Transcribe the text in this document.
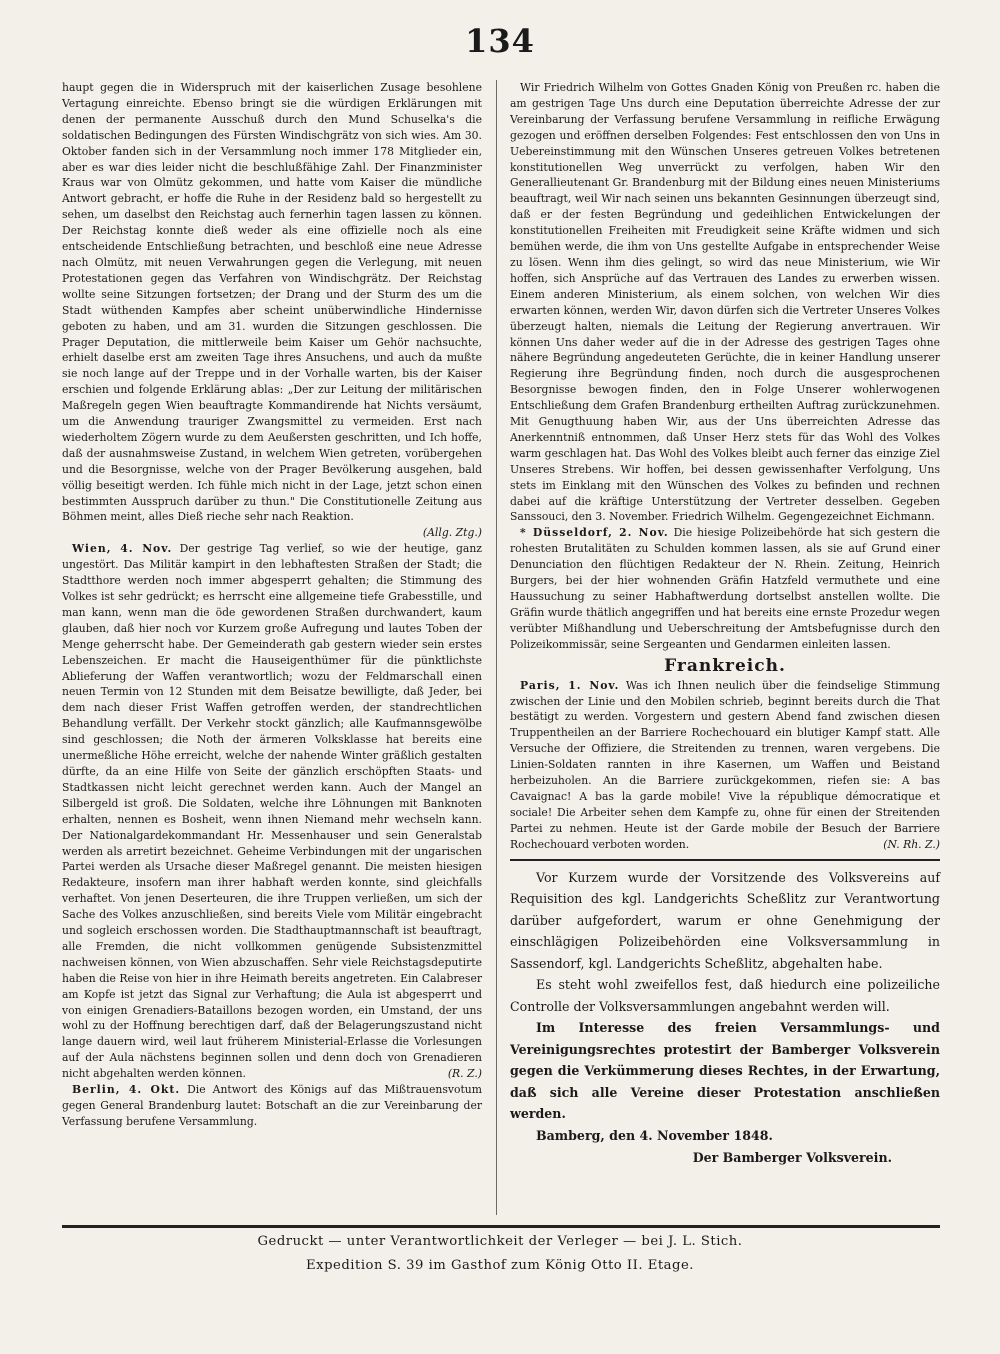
134

haupt gegen die in Widerspruch mit der kaiserlichen Zusage besohlene Vertagung einreichte. Ebenso bringt sie die würdigen Erklärungen mit denen der permanente Ausschuß durch den Mund Schuselka's die soldatischen Bedingungen des Fürsten Windischgrätz von sich wies. Am 30. Oktober fanden sich in der Versammlung noch immer 178 Mitglieder ein, aber es war dies leider nicht die beschlußfähige Zahl. Der Finanzminister Kraus war von Olmütz gekommen, und hatte vom Kaiser die mündliche Antwort gebracht, er hoffe die Ruhe in der Residenz bald so hergestellt zu sehen, um daselbst den Reichstag auch fernerhin tagen lassen zu können. Der Reichstag konnte dieß weder als eine offizielle noch als eine entscheidende Entschließung betrachten, und beschloß eine neue Adresse nach Olmütz, mit neuen Verwahrungen gegen die Verlegung, mit neuen Protestationen gegen das Verfahren von Windischgrätz. Der Reichstag wollte seine Sitzungen fortsetzen; der Drang und der Sturm des um die Stadt wüthenden Kampfes aber scheint unüberwindliche Hindernisse geboten zu haben, und am 31. wurden die Sitzungen geschlossen. Die Prager Deputation, die mittlerweile beim Kaiser um Gehör nachsuchte, erhielt daselbe erst am zweiten Tage ihres Ansuchens, und auch da mußte sie noch lange auf der Treppe und in der Vorhalle warten, bis der Kaiser erschien und folgende Erklärung ablas: „Der zur Leitung der militärischen Maßregeln gegen Wien beauftragte Kommandirende hat Nichts versäumt, um die Anwendung trauriger Zwangsmittel zu vermeiden. Erst nach wiederholtem Zögern wurde zu dem Aeußersten geschritten, und Ich hoffe, daß der ausnahmsweise Zustand, in welchem Wien getreten, vorübergehen und die Besorgnisse, welche von der Prager Bevölkerung ausgehen, bald völlig beseitigt werden. Ich fühle mich nicht in der Lage, jetzt schon einen bestimmten Ausspruch darüber zu thun." Die Constitutionelle Zeitung aus Böhmen meint, alles Dieß rieche sehr nach Reaktion.

(Allg. Ztg.)

Wien, 4. Nov. Der gestrige Tag verlief, so wie der heutige, ganz ungestört. Das Militär kampirt in den lebhaftesten Straßen der Stadt; die Stadtthore werden noch immer abgesperrt gehalten; die Stimmung des Volkes ist sehr gedrückt; es herrscht eine allgemeine tiefe Grabesstille, und man kann, wenn man die öde gewordenen Straßen durchwandert, kaum glauben, daß hier noch vor Kurzem große Aufregung und lautes Toben der Menge geherrscht habe. Der Gemeinderath gab gestern wieder sein erstes Lebenszeichen. Er macht die Hauseigenthümer für die pünktlichste Ablieferung der Waffen verantwortlich; wozu der Feldmarschall einen neuen Termin von 12 Stunden mit dem Beisatze bewilligte, daß Jeder, bei dem nach dieser Frist Waffen getroffen werden, der standrechtlichen Behandlung verfällt. Der Verkehr stockt gänzlich; alle Kaufmannsgewölbe sind geschlossen; die Noth der ärmeren Volksklasse hat bereits eine unermeßliche Höhe erreicht, welche der nahende Winter gräßlich gestalten dürfte, da an eine Hilfe von Seite der gänzlich erschöpften Staats- und Stadtkassen nicht leicht gerechnet werden kann. Auch der Mangel an Silbergeld ist groß. Die Soldaten, welche ihre Löhnungen mit Banknoten erhalten, nennen es Bosheit, wenn ihnen Niemand mehr wechseln kann. Der Nationalgardekommandant Hr. Messenhauser und sein Generalstab werden als arretirt bezeichnet. Geheime Verbindungen mit der ungarischen Partei werden als Ursache dieser Maßregel genannt. Die meisten hiesigen Redakteure, insofern man ihrer habhaft werden konnte, sind gleichfalls verhaftet. Von jenen Deserteuren, die ihre Truppen verließen, um sich der Sache des Volkes anzuschließen, sind bereits Viele vom Militär eingebracht und sogleich erschossen worden. Die Stadthauptmannschaft ist beauftragt, alle Fremden, die nicht vollkommen genügende Subsistenzmittel nachweisen können, von Wien abzuschaffen. Sehr viele Reichstagsdeputirte haben die Reise von hier in ihre Heimath bereits angetreten. Ein Calabreser am Kopfe ist jetzt das Signal zur Verhaftung; die Aula ist abgesperrt und von einigen Grenadiers-Bataillons bezogen worden, ein Umstand, der uns wohl zu der Hoffnung berechtigen darf, daß der Belagerungszustand nicht lange dauern wird, weil laut früherem Ministerial-Erlasse die Vorlesungen auf der Aula nächstens beginnen sollen und denn doch von Grenadieren nicht abgehalten werden können.	(R. Z.)

Berlin, 4. Okt. Die Antwort des Königs auf das Mißtrauensvotum gegen General Brandenburg lautet: Botschaft an die zur Vereinbarung der Verfassung berufene Versammlung.

Wir Friedrich Wilhelm von Gottes Gnaden König von Preußen rc. haben die am gestrigen Tage Uns durch eine Deputation überreichte Adresse der zur Vereinbarung der Verfassung berufene Versammlung in reifliche Erwägung gezogen und eröffnen derselben Folgendes: Fest entschlossen den von Uns in Uebereinstimmung mit den Wünschen Unseres getreuen Volkes betretenen konstitutionellen Weg unverrückt zu verfolgen, haben Wir den Generallieutenant Gr. Brandenburg mit der Bildung eines neuen Ministeriums beauftragt, weil Wir nach seinen uns bekannten Gesinnungen überzeugt sind, daß er der festen Begründung und gedeihlichen Entwickelungen der konstitutionellen Freiheiten mit Freudigkeit seine Kräfte widmen und sich bemühen werde, die ihm von Uns gestellte Aufgabe in entsprechender Weise zu lösen. Wenn ihm dies gelingt, so wird das neue Ministerium, wie Wir hoffen, sich Ansprüche auf das Vertrauen des Landes zu erwerben wissen. Einem anderen Ministerium, als einem solchen, von welchen Wir dies erwarten können, werden Wir, davon dürfen sich die Vertreter Unseres Volkes überzeugt halten, niemals die Leitung der Regierung anvertrauen. Wir können Uns daher weder auf die in der Adresse des gestrigen Tages ohne nähere Begründung angedeuteten Gerüchte, die in keiner Handlung unserer Regierung ihre Begründung finden, noch durch die ausgesprochenen Besorgnisse bewogen finden, den in Folge Unserer wohlerwogenen Entschließung dem Grafen Brandenburg ertheilten Auftrag zurückzunehmen. Mit Genugthuung haben Wir, aus der Uns überreichten Adresse das Anerkenntniß entnommen, daß Unser Herz stets für das Wohl des Volkes warm geschlagen hat. Das Wohl des Volkes bleibt auch ferner das einzige Ziel Unseres Strebens. Wir hoffen, bei dessen gewissenhafter Verfolgung, Uns stets im Einklang mit den Wünschen des Volkes zu befinden und rechnen dabei auf die kräftige Unterstützung der Vertreter desselben. Gegeben Sanssouci, den 3. November. Friedrich Wilhelm. Gegengezeichnet Eichmann.

* Düsseldorf, 2. Nov. Die hiesige Polizeibehörde hat sich gestern die rohesten Brutalitäten zu Schulden kommen lassen, als sie auf Grund einer Denunciation den flüchtigen Redakteur der N. Rhein. Zeitung, Heinrich Burgers, bei der hier wohnenden Gräfin Hatzfeld vermuthete und eine Haussuchung zu seiner Habhaftwerdung dortselbst anstellen wollte. Die Gräfin wurde thätlich angegriffen und hat bereits eine ernste Prozedur wegen verübter Mißhandlung und Ueberschreitung der Amtsbefugnisse durch den Polizeikommissär, seine Sergeanten und Gendarmen einleiten lassen.

Frankreich.

Paris, 1. Nov. Was ich Ihnen neulich über die feindselige Stimmung zwischen der Linie und den Mobilen schrieb, beginnt bereits durch die That bestätigt zu werden. Vorgestern und gestern Abend fand zwischen diesen Truppentheilen an der Barriere Rochechouard ein blutiger Kampf statt. Alle Versuche der Offiziere, die Streitenden zu trennen, waren vergebens. Die Linien-Soldaten rannten in ihre Kasernen, um Waffen und Beistand herbeizuholen. An die Barriere zurückgekommen, riefen sie: A bas Cavaignac! A bas la garde mobile! Vive la république démocratique et sociale! Die Arbeiter sehen dem Kampfe zu, ohne für einen der Streitenden Partei zu nehmen. Heute ist der Garde mobile der Besuch der Barriere Rochechouard verboten worden.	(N. Rh. Z.)

Vor Kurzem wurde der Vorsitzende des Volksvereins auf Requisition des kgl. Landgerichts Scheßlitz zur Verantwortung darüber aufgefordert, warum er ohne Genehmigung der einschlägigen Polizeibehörden eine Volksversammlung in Sassendorf, kgl. Landgerichts Scheßlitz, abgehalten habe.

Es steht wohl zweifellos fest, daß hiedurch eine polizeiliche Controlle der Volksversammlungen angebahnt werden will.

Im Interesse des freien Versammlungs- und Vereinigungsrechtes protestirt der Bamberger Volksverein gegen die Verkümmerung dieses Rechtes, in der Erwartung, daß sich alle Vereine dieser Protestation anschließen werden.

Bamberg, den 4. November 1848.
Der Bamberger Volksverein.
Gedruckt — unter Verantwortlichkeit der Verleger — bei J. L. Stich.
Expedition S. 39 im Gasthof zum König Otto II. Etage.
